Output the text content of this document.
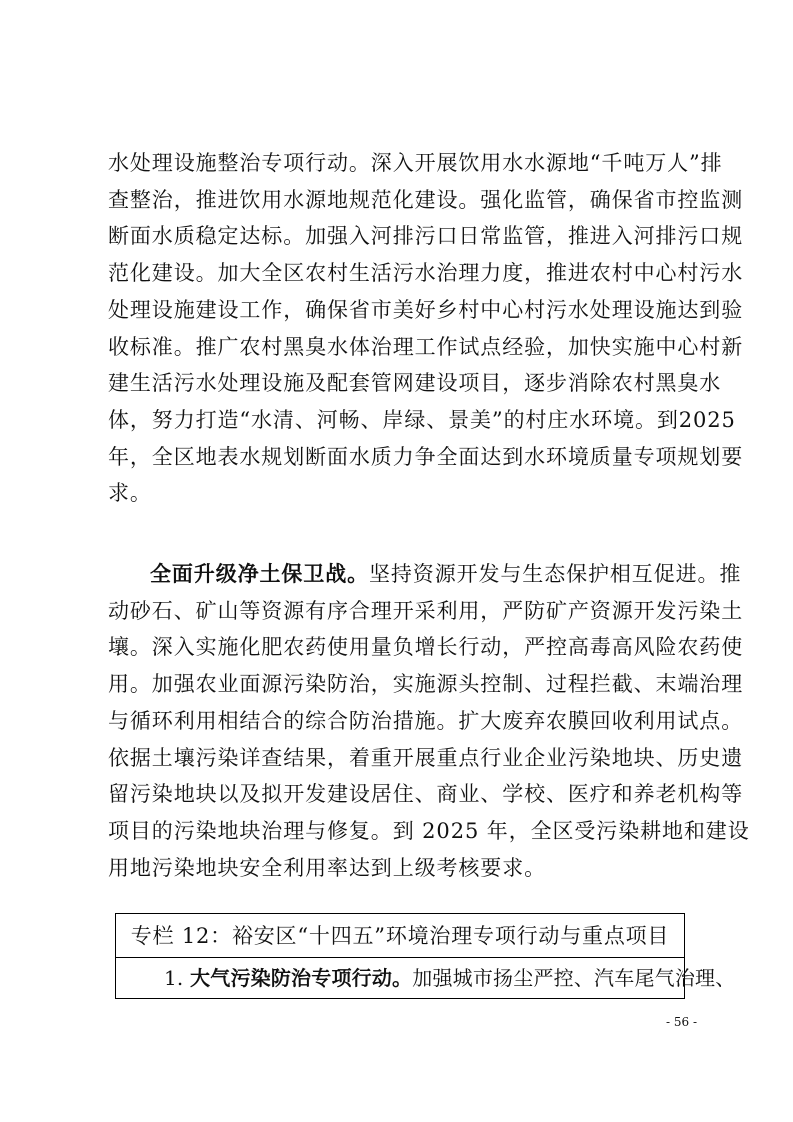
水处理设施整治专项行动。深入开展饮用水水源地“千吨万人”排
查整治，推进饮用水源地规范化建设。强化监管，确保省市控监测
断面水质稳定达标。加强入河排污口日常监管，推进入河排污口规
范化建设。加大全区农村生活污水治理力度，推进农村中心村污水
处理设施建设工作，确保省市美好乡村中心村污水处理设施达到验
收标准。推广农村黑臭水体治理工作试点经验，加快实施中心村新
建生活污水处理设施及配套管网建设项目，逐步消除农村黑臭水
体，努力打造“水清、河畅、岸绿、景美”的村庄水环境。到2025
年，全区地表水规划断面水质力争全面达到水环境质量专项规划要
求。
全面升级净土保卫战。坚持资源开发与生态保护相互促进。推
动砂石、矿山等资源有序合理开采利用，严防矿产资源开发污染土
壤。深入实施化肥农药使用量负增长行动，严控高毒高风险农药使
用。加强农业面源污染防治，实施源头控制、过程拦截、末端治理
与循环利用相结合的综合防治措施。扩大废弃农膜回收利用试点。
依据土壤污染详查结果，着重开展重点行业企业污染地块、历史遗
留污染地块以及拟开发建设居住、商业、学校、医疗和养老机构等
项目的污染地块治理与修复。到 2025 年，全区受污染耕地和建设
用地污染地块安全利用率达到上级考核要求。
专栏 12：裕安区“十四五”环境治理专项行动与重点项目
1. 大气污染防治专项行动。加强城市扬尘严控、汽车尾气治理、
- 56 -
